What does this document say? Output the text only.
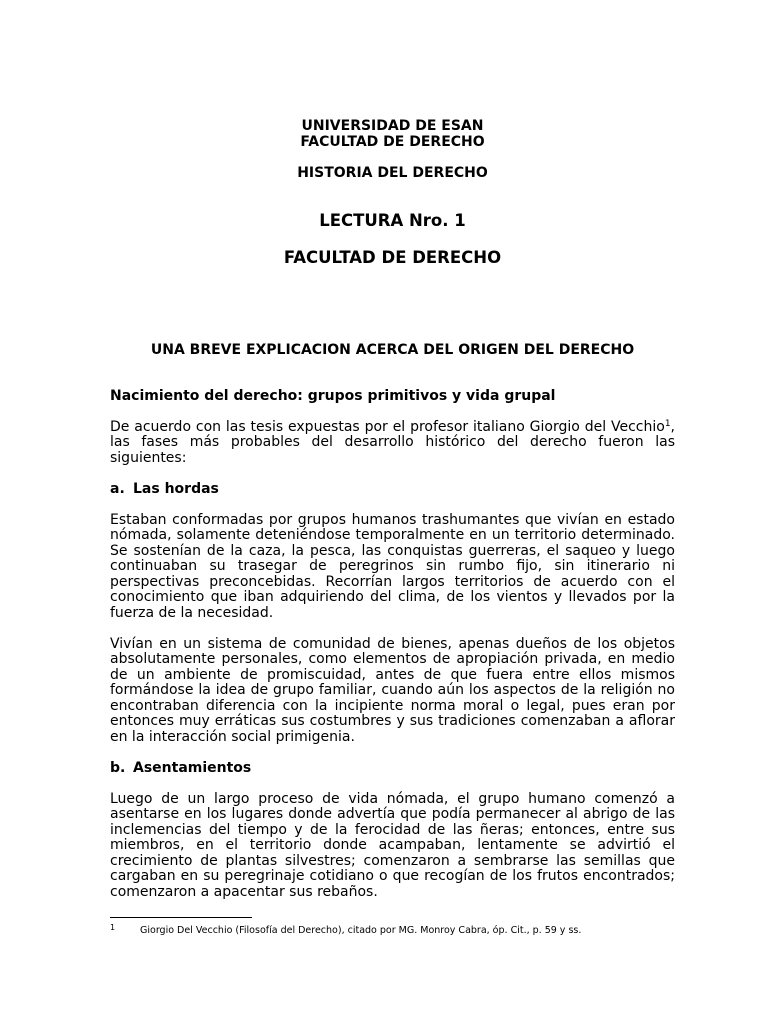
UNIVERSIDAD DE ESAN
FACULTAD DE DERECHO
HISTORIA DEL DERECHO
LECTURA Nro. 1
FACULTAD DE DERECHO
UNA BREVE EXPLICACION ACERCA DEL ORIGEN DEL DERECHO
Nacimiento del derecho: grupos primitivos y vida grupal

De acuerdo con las tesis expuestas por el profesor italiano Giorgio del Vecchio$^1$, las fases más probables del desarrollo histórico del derecho fueron las siguientes:

a. Las hordas

Estaban conformadas por grupos humanos trashumantes que vivían en estado nómada, solamente deteniéndose temporalmente en un territorio determinado. Se sostenían de la caza, la pesca, las conquistas guerreras, el saqueo y luego continuaban su trasegar de peregrinos sin rumbo fijo, sin itinerario ni perspectivas preconcebidas. Recorrían largos territorios de acuerdo con el conocimiento que iban adquiriendo del clima, de los vientos y llevados por la fuerza de la necesidad.

Vivían en un sistema de comunidad de bienes, apenas dueños de los objetos absolutamente personales, como elementos de apropiación privada, en medio de un ambiente de promiscuidad, antes de que fuera entre ellos mismos formándose la idea de grupo familiar, cuando aún los aspectos de la religión no encontraban diferencia con la incipiente norma moral o legal, pues eran por entonces muy erráticas sus costumbres y sus tradiciones comenzaban a aflorar en la interacción social primigenia.

b. Asentamientos

Luego de un largo proceso de vida nómada, el grupo humano comenzó a asentarse en los lugares donde advertía que podía permanecer al abrigo de las inclemencias del tiempo y de la ferocidad de las ñeras; entonces, entre sus miembros, en el territorio donde acampaban, lentamente se advirtió el crecimiento de plantas silvestres; comenzaron a sembrarse las semillas que cargaban en su peregrinaje cotidiano o que recogían de los frutos encontrados; comenzaron a apacentar sus rebaños.

1	Giorgio Del Vecchio (Filosofía del Derecho), citado por MG. Monroy Cabra, óp. Cit., p. 59 y ss.
